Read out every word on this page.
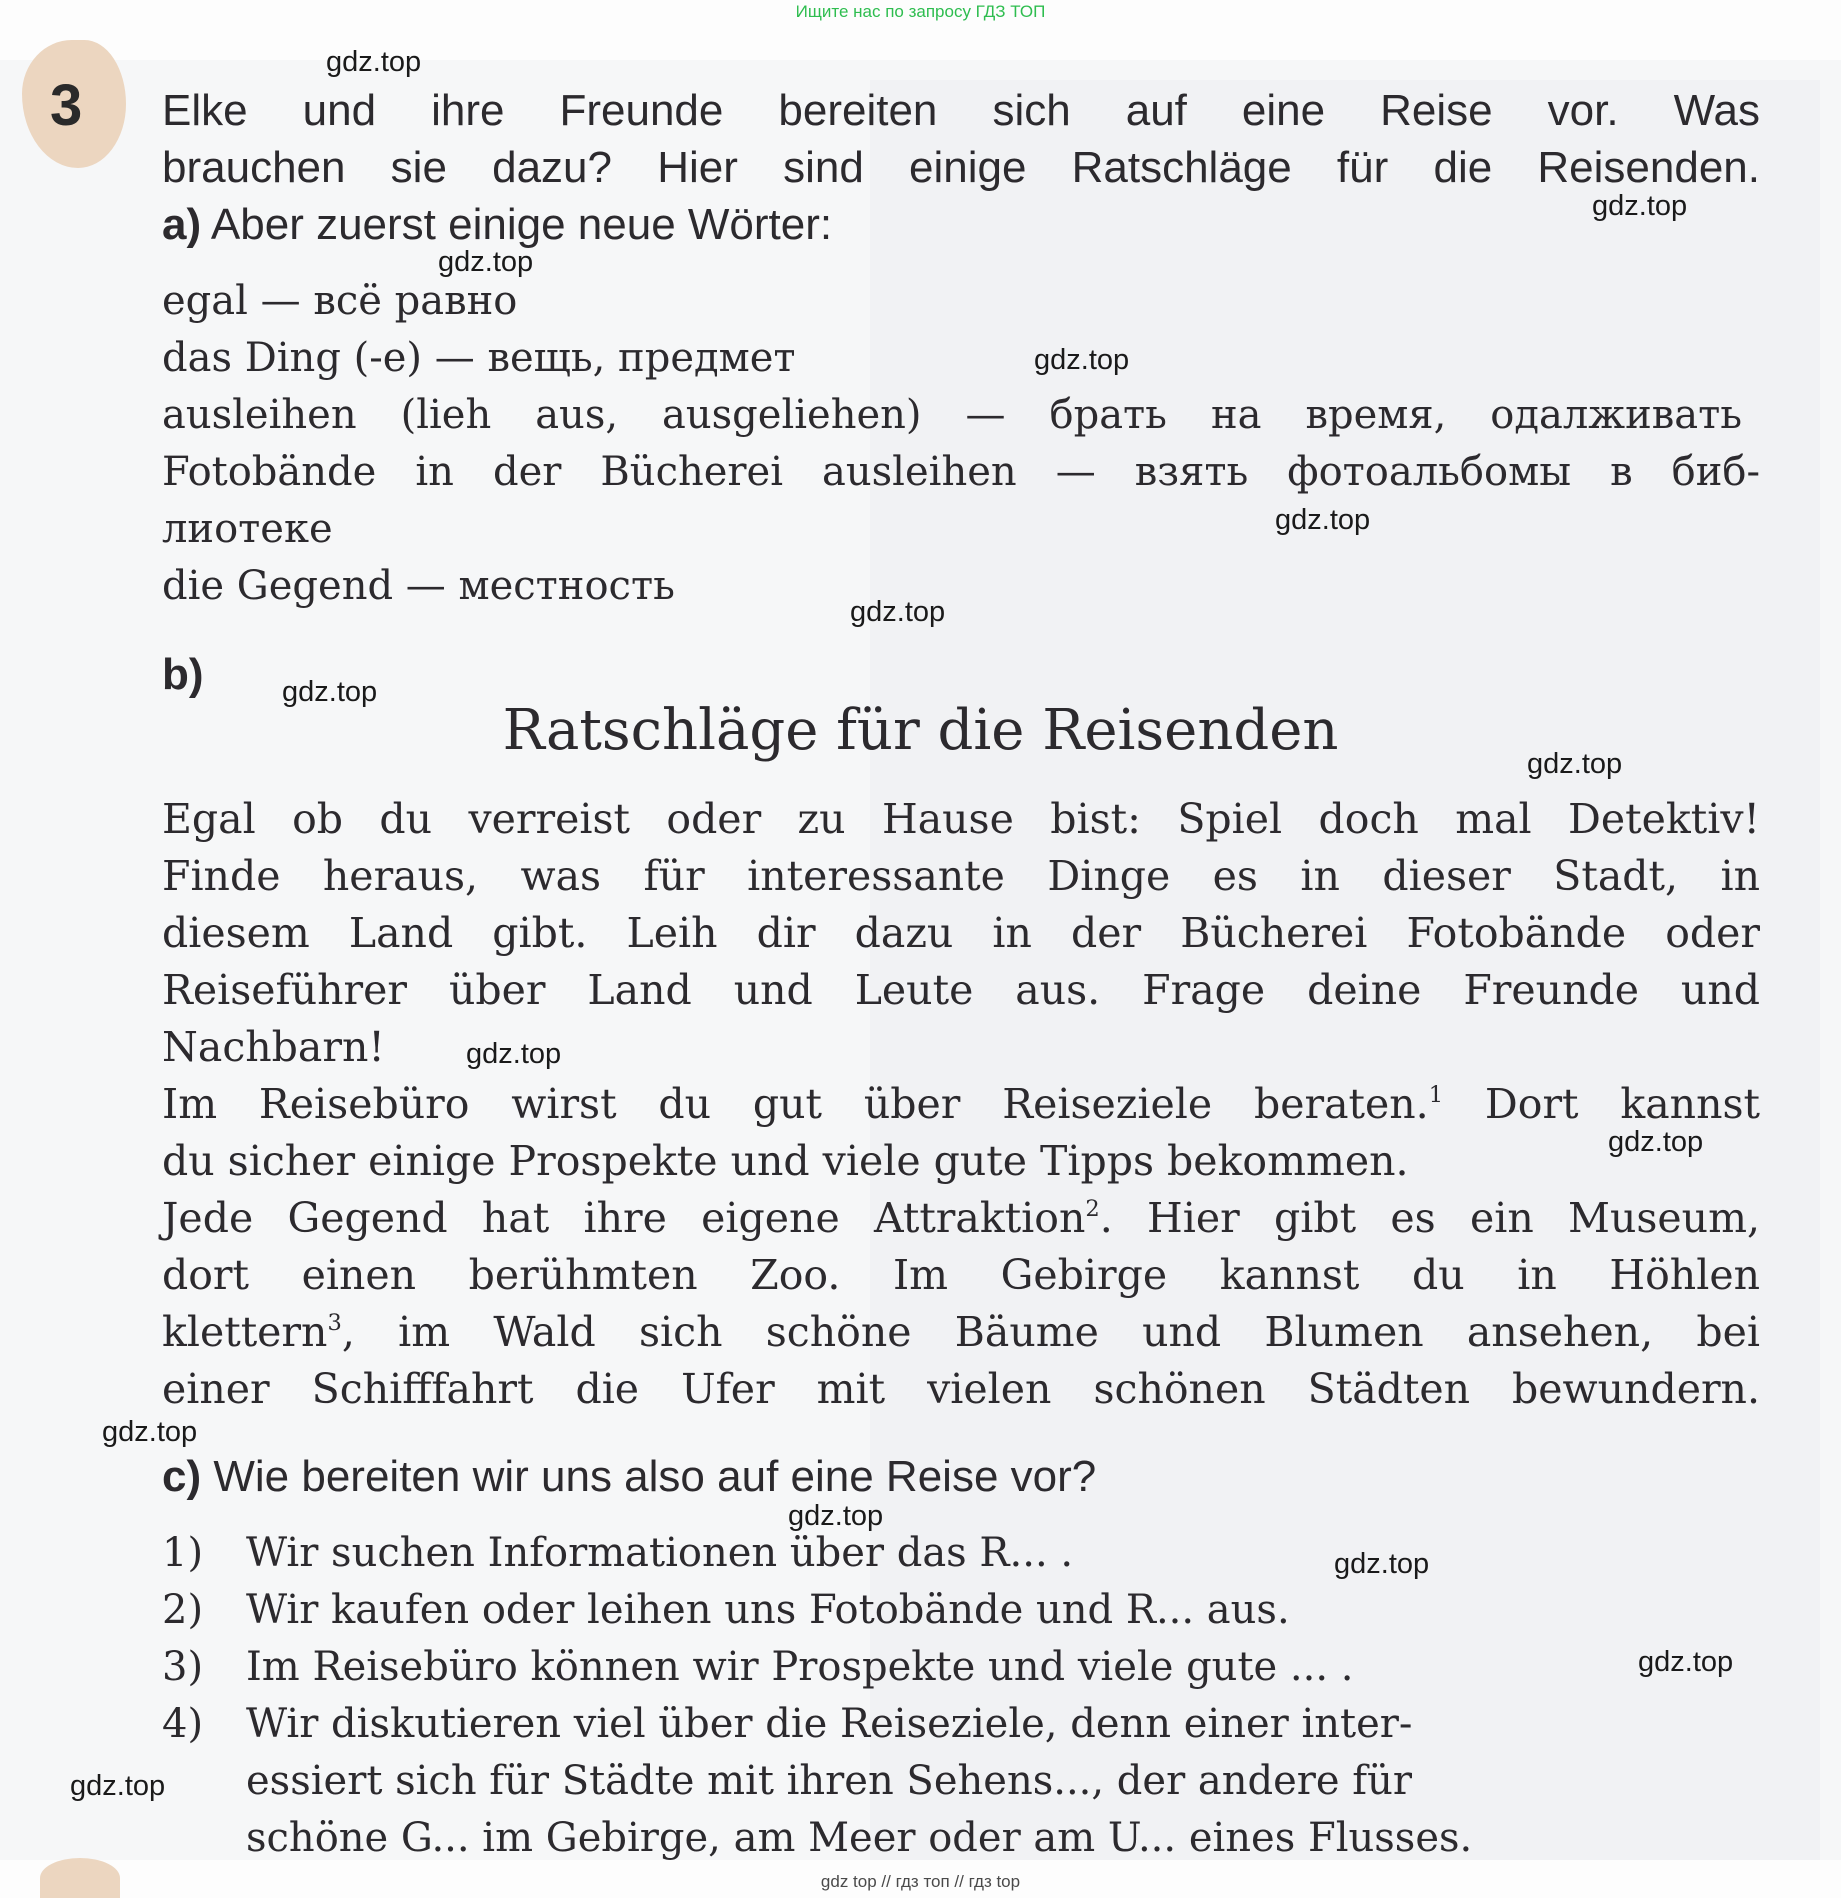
Ищите нас по запросу ГДЗ ТОП
3 Elke und ihre Freunde bereiten sich auf eine Reise vor. Was
brauchen sie dazu? Hier sind einige Ratschläge für die Reisenden.
a) Aber zuerst einige neue Wörter:
egal — всё равно
das Ding (-e) — вещь, предмет
ausleihen (lieh aus, ausgeliehen) — брать на время, одалживать
Fotobände in der Bücherei ausleihen — взять фотоальбомы в биб-
лиотеке
die Gegend — местность
b)
Ratschläge für die Reisenden
Egal ob du verreist oder zu Hause bist: Spiel doch mal Detektiv!
Finde heraus, was für interessante Dinge es in dieser Stadt, in
diesem Land gibt. Leih dir dazu in der Bücherei Fotobände oder
Reiseführer über Land und Leute aus. Frage deine Freunde und
Nachbarn!
Im Reisebüro wirst du gut über Reiseziele beraten.$^1$ Dort kannst
du sicher einige Prospekte und viele gute Tipps bekommen.
Jede Gegend hat ihre eigene Attraktion$^2$. Hier gibt es ein Museum,
dort einen berühmten Zoo. Im Gebirge kannst du in Höhlen
klettern$^3$, im Wald sich schöne Bäume und Blumen ansehen, bei
einer Schifffahrt die Ufer mit vielen schönen Städten bewundern.
c) Wie bereiten wir uns also auf eine Reise vor?
1) Wir suchen Informationen über das R... .
2) Wir kaufen oder leihen uns Fotobände und R... aus.
3) Im Reisebüro können wir Prospekte und viele gute ... .
4) Wir diskutieren viel über die Reiseziele, denn einer inter-
essiert sich für Städte mit ihren Sehens..., der andere für
schöne G... im Gebirge, am Meer oder am U... eines Flusses.
gdz.top
gdz.top
gdz.top
gdz.top
gdz.top
gdz.top
gdz.top
gdz.top
gdz.top
gdz.top
gdz.top
gdz.top
gdz.top
gdz.top
gdz.top
gdz top // гдз топ // гдз top
